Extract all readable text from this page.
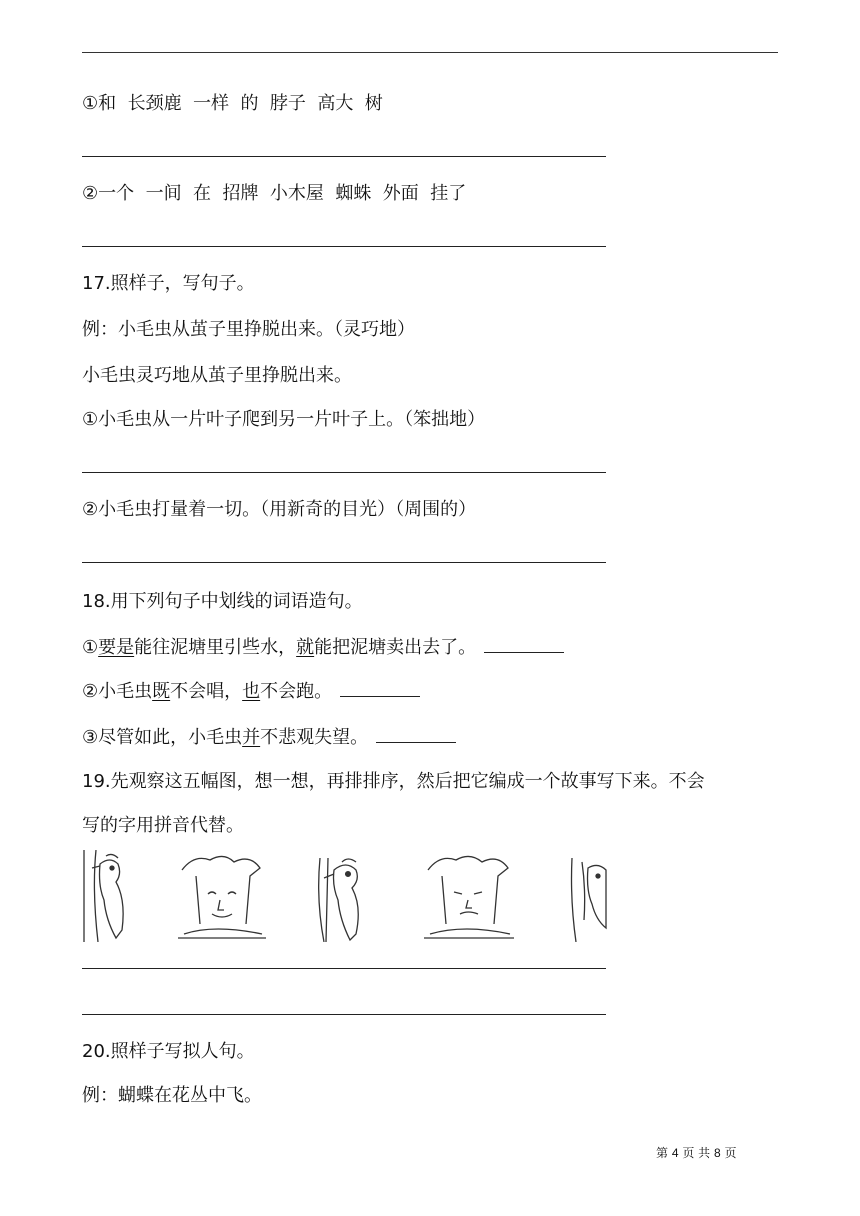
①和  长颈鹿  一样  的  脖子  高大  树
②一个  一间  在  招牌  小木屋  蜘蛛  外面  挂了
17.照样子，写句子。
例：小毛虫从茧子里挣脱出来。（灵巧地）
小毛虫灵巧地从茧子里挣脱出来。
①小毛虫从一片叶子爬到另一片叶子上。（笨拙地）
②小毛虫打量着一切。（用新奇的目光）（周围的）
18.用下列句子中划线的词语造句。
①要是能往泥塘里引些水，就能把泥塘卖出去了。
②小毛虫既不会唱，也不会跑。
③尽管如此，小毛虫并不悲观失望。
19.先观察这五幅图，想一想，再排排序，然后把它编成一个故事写下来。不会
写的字用拼音代替。
20.照样子写拟人句。
例：蝴蝶在花丛中飞。
第 4 页 共 8 页
